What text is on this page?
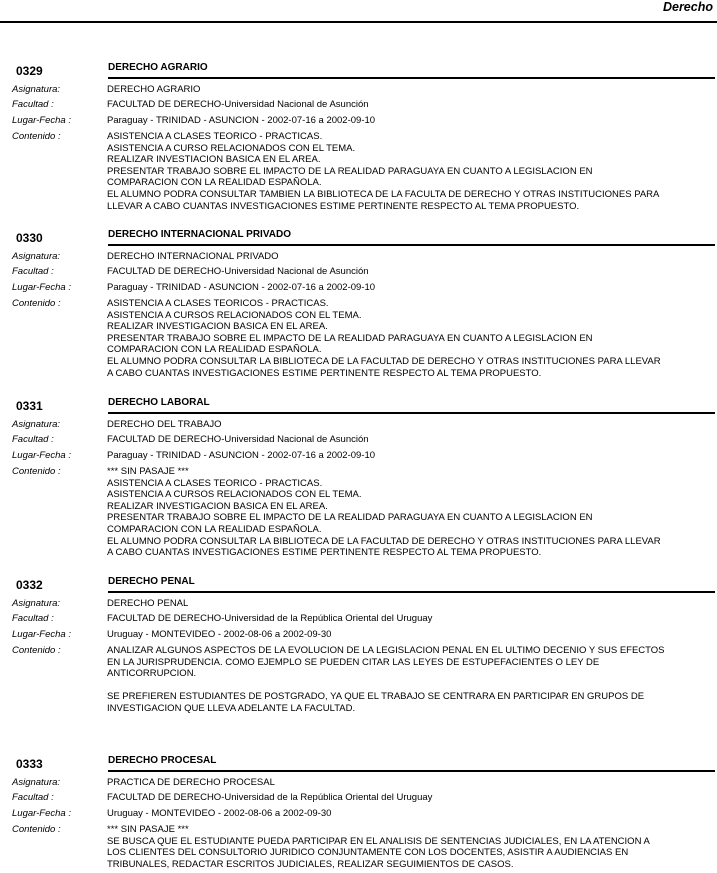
Derecho
0329	DERECHO AGRARIO
Asignatura:	DERECHO AGRARIO
Facultad :	FACULTAD DE DERECHO-Universidad Nacional de Asunción
Lugar-Fecha :	Paraguay - TRINIDAD - ASUNCION - 2002-07-16 a 2002-09-10
Contenido :	ASISTENCIA A CLASES TEORICO - PRACTICAS.
ASISTENCIA A CURSO RELACIONADOS CON EL TEMA.
REALIZAR INVESTIACION BASICA EN EL AREA.
PRESENTAR TRABAJO SOBRE EL IMPACTO DE LA REALIDAD PARAGUAYA EN CUANTO A LEGISLACION EN
COMPARACION CON LA REALIDAD ESPAÑOLA.
EL ALUMNO PODRA CONSULTAR TAMBIEN LA BIBLIOTECA DE LA FACULTA DE DERECHO Y OTRAS INSTITUCIONES PARA
LLEVAR A CABO CUANTAS INVESTIGACIONES ESTIME PERTINENTE RESPECTO AL TEMA PROPUESTO.
0330	DERECHO INTERNACIONAL PRIVADO
Asignatura:	DERECHO INTERNACIONAL PRIVADO
Facultad :	FACULTAD DE DERECHO-Universidad Nacional de Asunción
Lugar-Fecha :	Paraguay - TRINIDAD - ASUNCION - 2002-07-16 a 2002-09-10
Contenido :	ASISTENCIA A CLASES TEORICOS - PRACTICAS.
ASISTENCIA A CURSOS RELACIONADOS CON EL TEMA.
REALIZAR INVESTIGACION BASICA EN EL AREA.
PRESENTAR TRABAJO SOBRE EL IMPACTO DE LA REALIDAD PARAGUAYA EN CUANTO A LEGISLACION EN
COMPARACION CON LA REALIDAD ESPAÑOLA.
EL ALUMNO PODRA CONSULTAR LA BIBLIOTECA DE LA FACULTAD DE DERECHO Y OTRAS INSTITUCIONES PARA LLEVAR
A CABO CUANTAS INVESTIGACIONES ESTIME PERTINENTE RESPECTO AL TEMA PROPUESTO.
0331	DERECHO LABORAL
Asignatura:	DERECHO DEL TRABAJO
Facultad :	FACULTAD DE DERECHO-Universidad Nacional de Asunción
Lugar-Fecha :	Paraguay - TRINIDAD - ASUNCION - 2002-07-16 a 2002-09-10
Contenido :	*** SIN PASAJE ***
ASISTENCIA A CLASES TEORICO - PRACTICAS.
ASISTENCIA A CURSOS RELACIONADOS CON EL TEMA.
REALIZAR INVESTIGACION BASICA EN EL AREA.
PRESENTAR TRABAJO SOBRE EL IMPACTO DE LA REALIDAD PARAGUAYA EN CUANTO A LEGISLACION EN
COMPARACION CON LA REALIDAD ESPAÑOLA.
EL ALUMNO PODRA CONSULTAR LA BIBLIOTECA DE LA FACULTAD DE DERECHO Y OTRAS INSTITUCIONES PARA LLEVAR
A CABO CUANTAS INVESTIGACIONES ESTIME PERTINENTE RESPECTO AL TEMA PROPUESTO.
0332	DERECHO PENAL
Asignatura:	DERECHO PENAL
Facultad :	FACULTAD DE DERECHO-Universidad de la República Oriental del Uruguay
Lugar-Fecha :	Uruguay - MONTEVIDEO - 2002-08-06 a 2002-09-30
Contenido :	ANALIZAR ALGUNOS ASPECTOS DE LA EVOLUCION DE LA LEGISLACION PENAL EN EL ULTIMO DECENIO Y SUS EFECTOS
EN LA JURISPRUDENCIA. COMO EJEMPLO SE PUEDEN CITAR LAS LEYES DE ESTUPEFACIENTES O LEY DE
ANTICORRUPCION.
SE PREFIEREN ESTUDIANTES DE POSTGRADO, YA QUE EL TRABAJO SE CENTRARA EN PARTICIPAR EN GRUPOS DE
INVESTIGACION QUE LLEVA ADELANTE LA FACULTAD.
0333	DERECHO PROCESAL
Asignatura:	PRACTICA DE DERECHO PROCESAL
Facultad :	FACULTAD DE DERECHO-Universidad de la República Oriental del Uruguay
Lugar-Fecha :	Uruguay - MONTEVIDEO - 2002-08-06 a 2002-09-30
Contenido :	*** SIN PASAJE ***
SE BUSCA QUE EL ESTUDIANTE PUEDA PARTICIPAR EN EL ANALISIS DE SENTENCIAS JUDICIALES, EN LA ATENCION A
LOS CLIENTES DEL CONSULTORIO JURIDICO CONJUNTAMENTE CON LOS DOCENTES, ASISTIR A AUDIENCIAS EN
TRIBUNALES, REDACTAR ESCRITOS JUDICIALES, REALIZAR SEGUIMIENTOS DE CASOS.
